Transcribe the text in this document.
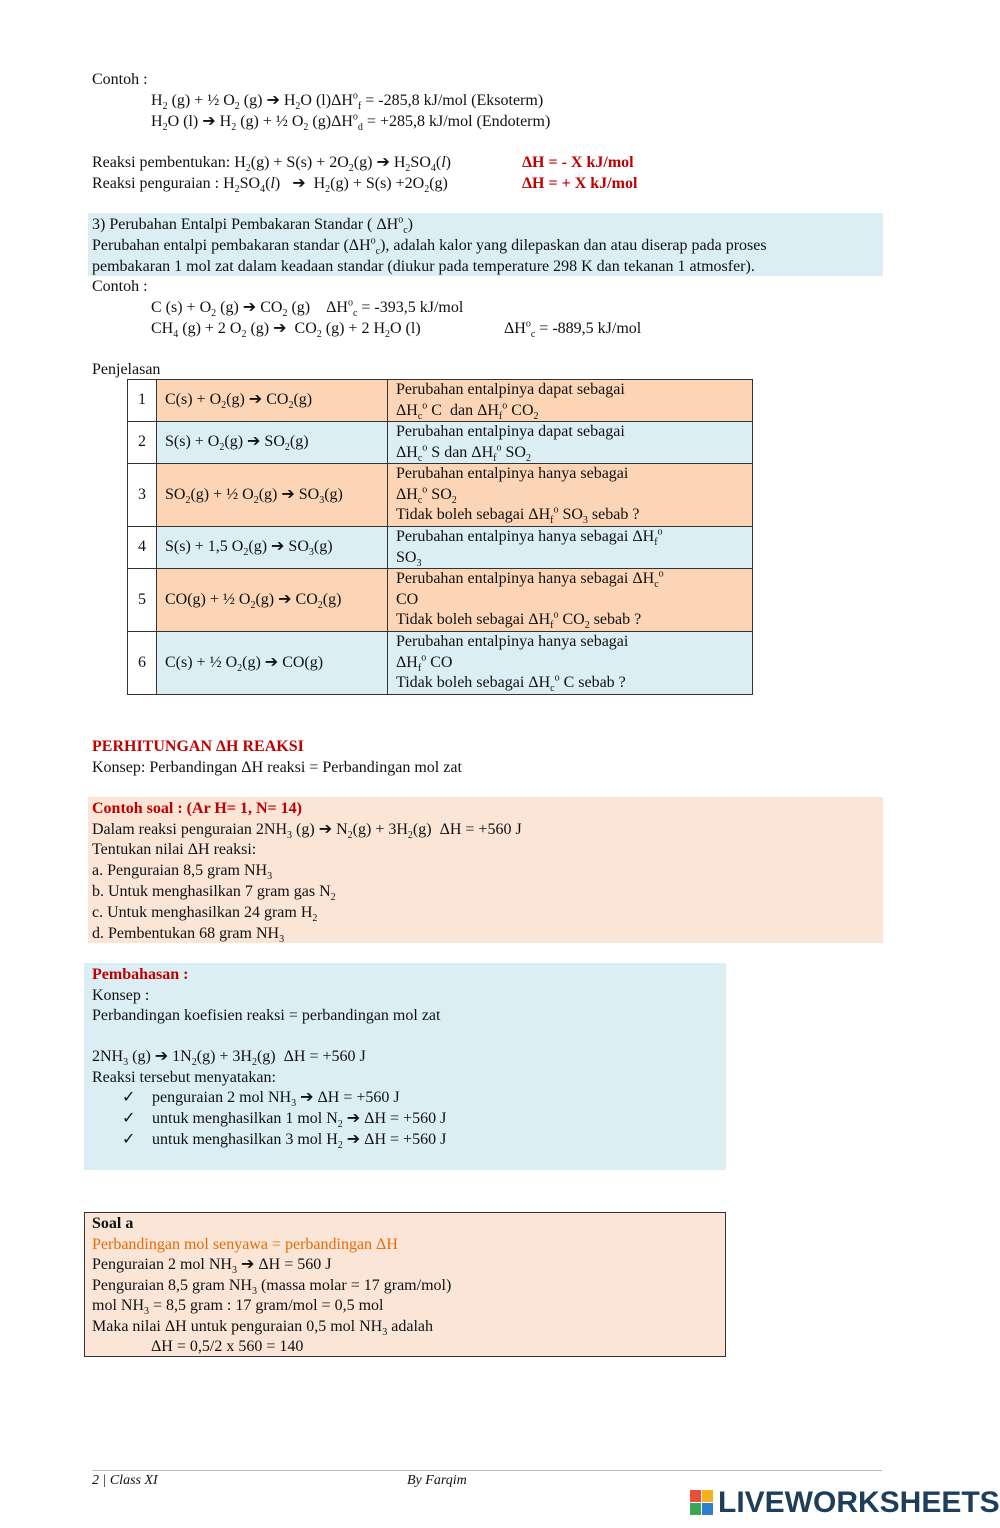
Contoh :
$H_2$ (g) + ½ $O_2$ (g) ➔ $H_2O$ $(l)\Delta H^o_f = -285,8$ kJ/mol (Eksoterm)
$H_2O$ (l) ➔ $H_2$ (g) + ½ $O_2$ $(g)\Delta H^o_d = +285,8$ kJ/mol (Endoterm)
Reaksi pembentukan: $H_2(g) + S(s) + 2O_2(g)$ ➔ $H_2SO_4(l)$	ΔH = - X kJ/mol
Reaksi penguraian : $H_2SO_4(l)$   ➔  $H_2(g) + S(s) +2O_2(g)$	ΔH = + X kJ/mol
3) Perubahan Entalpi Pembakaran Standar ( $\Delta H^o_c$)
Perubahan entalpi pembakaran standar $(\Delta H^o_c)$, adalah kalor yang dilepaskan dan atau diserap pada proses
pembakaran 1 mol zat dalam keadaan standar (diukur pada temperature 298 K dan tekanan 1 atmosfer).
Contoh :
C $(s) + O_2$ (g) ➔ $CO_2$ (g)    $\Delta H^o_c = -393,5$ kJ/mol
$CH_4$ (g) + 2 $O_2$ (g) ➔  $CO_2$ (g) + 2 $H_2O$ (l)	$\Delta H^o_c = -889,5$ kJ/mol
Penjelasan
1	$C(s) + O_2(g)$ ➔ $CO_2(g)$	Perubahan entalpinya dapat sebagai
$\Delta H_c^o$ C  dan $\Delta H_f^o$ $CO_2$
2	$S(s) + O_2(g)$ ➔ $SO_2(g)$	Perubahan entalpinya dapat sebagai
$\Delta H_c^o$ S dan $\Delta H_f^o$ $SO_2$
3	$SO_2(g)$ + ½ $O_2(g)$ ➔ $SO_3(g)$	Perubahan entalpinya hanya sebagai
$\Delta H_c^o$ $SO_2$
Tidak boleh sebagai $\Delta H_f^o$ $SO_3$ sebab ?
4	S(s) + 1,5 $O_2(g)$ ➔ $SO_3(g)$	Perubahan entalpinya hanya sebagai $\Delta H_f^o$
$SO_3$
5	CO(g) + ½ $O_2(g)$ ➔ $CO_2(g)$	Perubahan entalpinya hanya sebagai $\Delta H_c^o$
CO
Tidak boleh sebagai $\Delta H_f^o$ $CO_2$ sebab ?
6	C(s) + ½ $O_2(g)$ ➔ CO(g)	Perubahan entalpinya hanya sebagai
$\Delta H_f^o$ CO
Tidak boleh sebagai $\Delta H_c^o$ C sebab ?
PERHITUNGAN ΔH REAKSI
Konsep: Perbandingan ΔH reaksi = Perbandingan mol zat
Contoh soal : (Ar H= 1, N= 14)
Dalam reaksi penguraian $2NH_3$ (g) ➔ $N_2(g) + 3H_2(g) \Delta H = +560$ J
Tentukan nilai ΔH reaksi:
a. Penguraian 8,5 gram $NH_3$
b. Untuk menghasilkan 7 gram gas $N_2$
c. Untuk menghasilkan 24 gram $H_2$
d. Pembentukan 68 gram $NH_3$
Pembahasan :
Konsep :
Perbandingan koefisien reaksi = perbandingan mol zat
$2NH_3$ (g) ➔ $1N_2(g) + 3H_2(g) \Delta H = +560$ J
Reaksi tersebut menyatakan:
✓ penguraian 2 mol $NH_3$ ➔ ΔH = +560 J
✓ untuk menghasilkan 1 mol $N_2$ ➔ ΔH = +560 J
✓ untuk menghasilkan 3 mol $H_2$ ➔ ΔH = +560 J
Soal a
Perbandingan mol senyawa = perbandingan ΔH
Penguraian 2 mol $NH_3$ ➔ ΔH = 560 J
Penguraian 8,5 gram $NH_3$ (massa molar = 17 gram/mol)
mol $NH_3 = 8,5$ gram : 17 gram/mol = 0,5 mol
Maka nilai ΔH untuk penguraian 0,5 mol $NH_3$ adalah
ΔH = 0,5/2 x 560 = 140
2 | Class XI	By Farqim
LIVEWORKSHEETS
